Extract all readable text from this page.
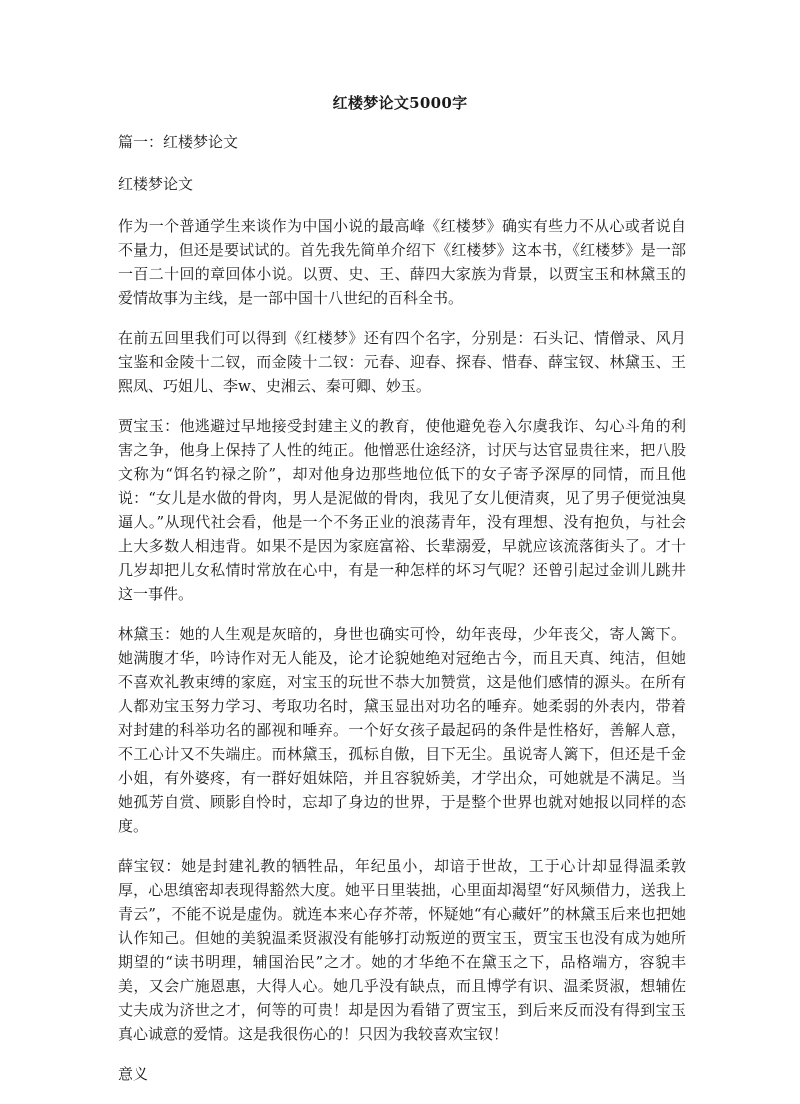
红楼梦论文5000字

篇一：红楼梦论文

红楼梦论文

作为一个普通学生来谈作为中国小说的最高峰《红楼梦》确实有些力不从心或者说自不量力，但还是要试试的。首先我先简单介绍下《红楼梦》这本书，《红楼梦》是一部一百二十回的章回体小说。以贾、史、王、薛四大家族为背景，以贾宝玉和林黛玉的爱情故事为主线，是一部中国十八世纪的百科全书。

在前五回里我们可以得到《红楼梦》还有四个名字，分别是：石头记、情僧录、风月宝鉴和金陵十二钗，而金陵十二钗：元春、迎春、探春、惜春、薛宝钗、林黛玉、王熙凤、巧姐儿、李w、史湘云、秦可卿、妙玉。

贾宝玉：他逃避过早地接受封建主义的教育，使他避免卷入尔虞我诈、勾心斗角的利害之争，他身上保持了人性的纯正。他憎恶仕途经济，讨厌与达官显贵往来，把八股文称为“饵名钓禄之阶”，却对他身边那些地位低下的女子寄予深厚的同情，而且他说：“女儿是水做的骨肉，男人是泥做的骨肉，我见了女儿便清爽，见了男子便觉浊臭逼人。”从现代社会看，他是一个不务正业的浪荡青年，没有理想、没有抱负，与社会上大多数人相违背。如果不是因为家庭富裕、长辈溺爱，早就应该流落街头了。才十几岁却把儿女私情时常放在心中，有是一种怎样的坏习气呢？还曾引起过金训儿跳井这一事件。

林黛玉：她的人生观是灰暗的，身世也确实可怜，幼年丧母，少年丧父，寄人篱下。她满腹才华，吟诗作对无人能及，论才论貌她绝对冠绝古今，而且天真、纯洁，但她不喜欢礼教束缚的家庭，对宝玉的玩世不恭大加赞赏，这是他们感情的源头。在所有人都劝宝玉努力学习、考取功名时，黛玉显出对功名的唾弃。她柔弱的外表内，带着对封建的科举功名的鄙视和唾弃。一个好女孩子最起码的条件是性格好，善解人意，不工心计又不失端庄。而林黛玉，孤标自傲，目下无尘。虽说寄人篱下，但还是千金小姐，有外婆疼，有一群好姐妹陪，并且容貌娇美，才学出众，可她就是不满足。当她孤芳自赏、顾影自怜时，忘却了身边的世界，于是整个世界也就对她报以同样的态度。

薛宝钗：她是封建礼教的牺牲品，年纪虽小，却谙于世故，工于心计却显得温柔敦厚，心思缜密却表现得豁然大度。她平日里装拙，心里面却渴望“好风频借力，送我上青云”，不能不说是虚伪。就连本来心存芥蒂，怀疑她“有心藏奸”的林黛玉后来也把她认作知己。但她的美貌温柔贤淑没有能够打动叛逆的贾宝玉，贾宝玉也没有成为她所期望的“读书明理，辅国治民”之才。她的才华绝不在黛玉之下，品格端方，容貌丰美，又会广施恩惠，大得人心。她几乎没有缺点，而且博学有识、温柔贤淑，想辅佐丈夫成为济世之才，何等的可贵！却是因为看错了贾宝玉，到后来反而没有得到宝玉真心诚意的爱情。这是我很伤心的！只因为我较喜欢宝钗！

意义
